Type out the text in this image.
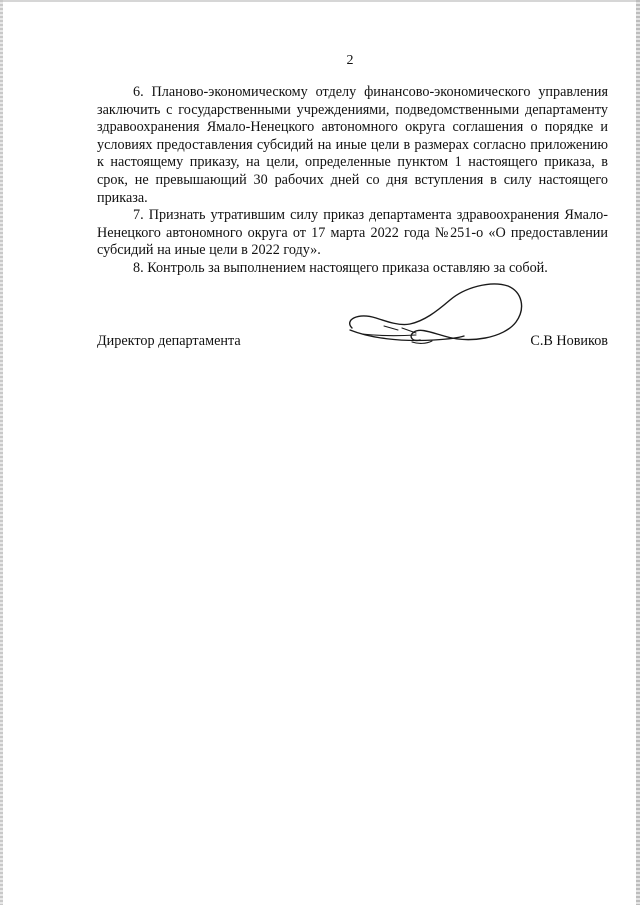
2

6. Планово-экономическому отделу финансово-экономического управления заключить с государственными учреждениями, подведомственными департаменту здравоохранения Ямало-Ненецкого автономного округа соглашения о порядке и условиях предоставления субсидий на иные цели в размерах согласно приложению к настоящему приказу, на цели, определенные пунктом 1 настоящего приказа, в срок, не превышающий 30 рабочих дней со дня вступления в силу настоящего приказа.

7. Признать утратившим силу приказ департамента здравоохранения Ямало-Ненецкого автономного округа от 17 марта 2022 года №251-о «О предоставлении субсидий на иные цели в 2022 году».

8. Контроль за выполнением настоящего приказа оставляю за собой.

Директор департамента	С.В Новиков
